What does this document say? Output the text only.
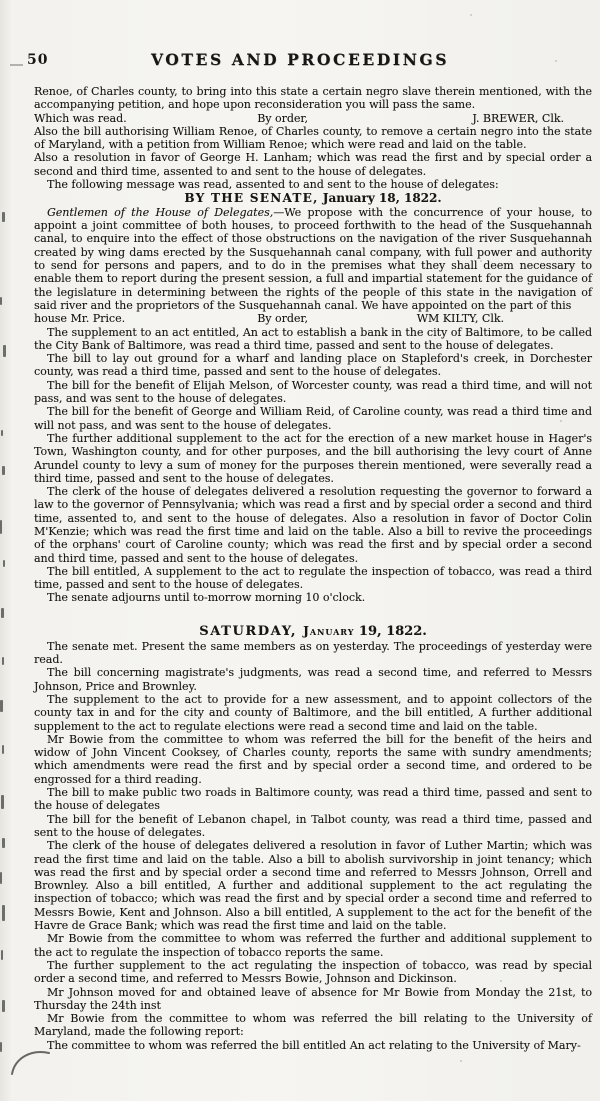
50	VOTES AND PROCEEDINGS

Renoe, of Charles county, to bring into this state a certain negro slave therein mentioned, with the accompanying petition, and hope upon reconsideration you will pass the same.

Which was read.	By order,	J. BREWER, Clk.

Also the bill authorising William Renoe, of Charles county, to remove a certain negro into the state of Maryland, with a petition from William Renoe; which were read and laid on the table.

Also a resolution in favor of George H. Lanham; which was read the first and by special order a second and third time, assented to and sent to the house of delegates.

The following message was read, assented to and sent to the house of delegates:

BY THE SENATE, January 18, 1822.

Gentlemen of the House of Delegates,—We propose with the concurrence of your house, to appoint a joint committee of both houses, to proceed forthwith to the head of the Susquehannah canal, to enquire into the effect of those obstructions on the navigation of the river Susquehannah created by wing dams erected by the Susquehannah canal company, with full power and authority to send for persons and papers, and to do in the premises what they shall deem necessary to enable them to report during the present session, a full and impartial statement for the guidance of the legislature in determining between the rights of the people of this state in the navigation of said river and the proprietors of the Susquehannah canal. We have appointed on the part of this

house Mr. Price.	By order,	WM KILTY, Clk.

The supplement to an act entitled, An act to establish a bank in the city of Baltimore, to be called the City Bank of Baltimore, was read a third time, passed and sent to the house of delegates.

The bill to lay out ground for a wharf and landing place on Stapleford's creek, in Dorchester county, was read a third time, passed and sent to the house of delegates.

The bill for the benefit of Elijah Melson, of Worcester county, was read a third time, and will not pass, and was sent to the house of delegates.

The bill for the benefit of George and William Reid, of Caroline county, was read a third time and will not pass, and was sent to the house of delegates.

The further additional supplement to the act for the erection of a new market house in Hager's Town, Washington county, and for other purposes, and the bill authorising the levy court of Anne Arundel county to levy a sum of money for the purposes therein mentioned, were severally read a third time, passed and sent to the house of delegates.

The clerk of the house of delegates delivered a resolution requesting the governor to forward a law to the governor of Pennsylvania; which was read a first and by special order a second and third time, assented to, and sent to the house of delegates. Also a resolution in favor of Doctor Colin M'Kenzie; which was read the first time and laid on the table. Also a bill to revive the proceedings of the orphans' court of Caroline county; which was read the first and by special order a second and third time, passed and sent to the house of delegates.

The bill entitled, A supplement to the act to regulate the inspection of tobacco, was read a third time, passed and sent to the house of delegates.

The senate adjourns until to-morrow morning 10 o'clock.

SATURDAY, January 19, 1822.

The senate met. Present the same members as on yesterday. The proceedings of yesterday were read.

The bill concerning magistrate's judgments, was read a second time, and referred to Messrs Johnson, Price and Brownley.

The supplement to the act to provide for a new assessment, and to appoint collectors of the county tax in and for the city and county of Baltimore, and the bill entitled, A further additional supplement to the act to regulate elections were read a second time and laid on the table.

Mr Bowie from the committee to whom was referred the bill for the benefit of the heirs and widow of John Vincent Cooksey, of Charles county, reports the same with sundry amendments; which amendments were read the first and by special order a second time, and ordered to be engrossed for a third reading.

The bill to make public two roads in Baltimore county, was read a third time, passed and sent to the house of delegates

The bill for the benefit of Lebanon chapel, in Talbot county, was read a third time, passed and sent to the house of delegates.

The clerk of the house of delegates delivered a resolution in favor of Luther Martin; which was read the first time and laid on the table. Also a bill to abolish survivorship in joint tenancy; which was read the first and by special order a second time and referred to Messrs Johnson, Orrell and Brownley. Also a bill entitled, A further and additional supplement to the act regulating the inspection of tobacco; which was read the first and by special order a second time and referred to Messrs Bowie, Kent and Johnson. Also a bill entitled, A supplement to the act for the benefit of the Havre de Grace Bank; which was read the first time and laid on the table.

Mr Bowie from the committee to whom was referred the further and additional supplement to the act to regulate the inspection of tobacco reports the same.

The further supplement to the act regulating the inspection of tobacco, was read by special order a second time, and referred to Messrs Bowie, Johnson and Dickinson.

Mr Johnson moved for and obtained leave of absence for Mr Bowie from Monday the 21st, to Thursday the 24th inst

Mr Bowie from the committee to whom was referred the bill relating to the University of Maryland, made the following report:

The committee to whom was referred the bill entitled An act relating to the University of Mary-
